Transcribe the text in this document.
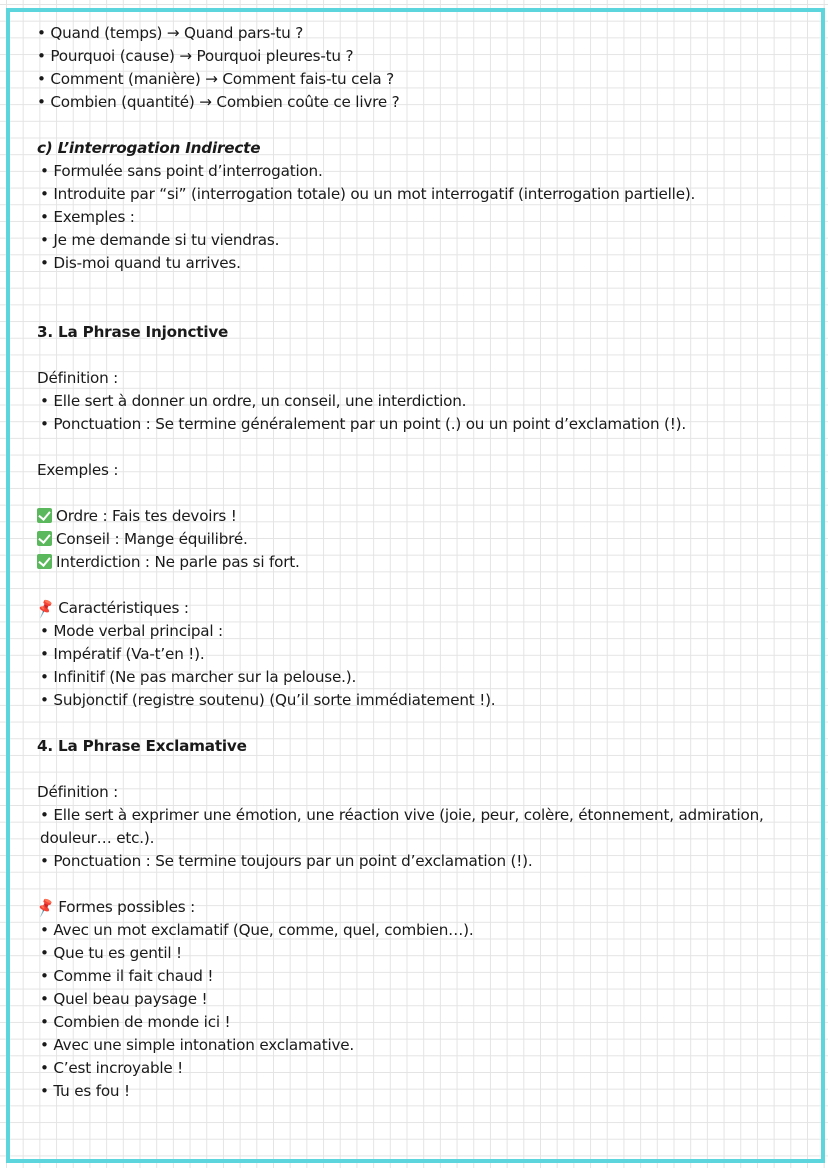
• Quand (temps) → Quand pars-tu ?
• Pourquoi (cause) → Pourquoi pleures-tu ?
• Comment (manière) → Comment fais-tu cela ?
• Combien (quantité) → Combien coûte ce livre ?
c) L’interrogation Indirecte
• Formulée sans point d’interrogation.
• Introduite par “si” (interrogation totale) ou un mot interrogatif (interrogation partielle).
• Exemples :
• Je me demande si tu viendras.
• Dis-moi quand tu arrives.
3. La Phrase Injonctive
Définition :
• Elle sert à donner un ordre, un conseil, une interdiction.
• Ponctuation : Se termine généralement par un point (.) ou un point d’exclamation (!).
Exemples :
Ordre : Fais tes devoirs !
Conseil : Mange équilibré.
Interdiction : Ne parle pas si fort.
📌 Caractéristiques :
• Mode verbal principal :
• Impératif (Va-t’en !).
• Infinitif (Ne pas marcher sur la pelouse.).
• Subjonctif (registre soutenu) (Qu’il sorte immédiatement !).
4. La Phrase Exclamative
Définition :
• Elle sert à exprimer une émotion, une réaction vive (joie, peur, colère, étonnement, admiration, douleur… etc.).
• Ponctuation : Se termine toujours par un point d’exclamation (!).
📌 Formes possibles :
• Avec un mot exclamatif (Que, comme, quel, combien…).
• Que tu es gentil !
• Comme il fait chaud !
• Quel beau paysage !
• Combien de monde ici !
• Avec une simple intonation exclamative.
• C’est incroyable !
• Tu es fou !
